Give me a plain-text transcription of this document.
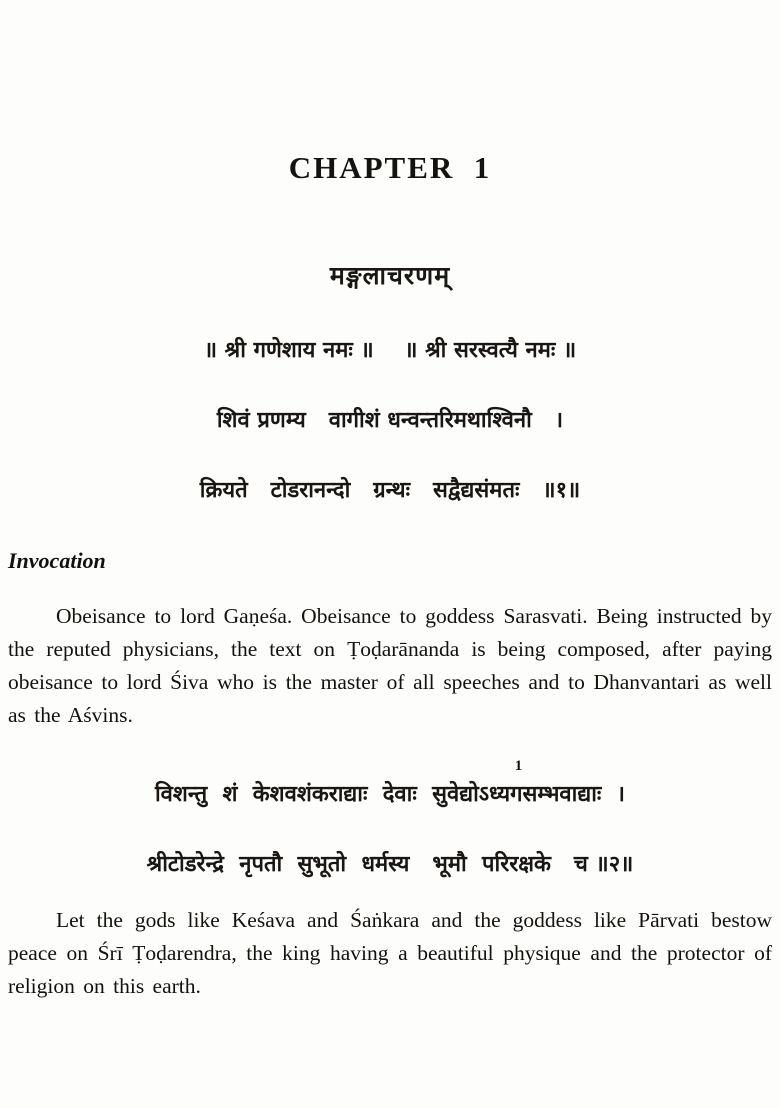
CHAPTER  1
मङ्गलाचरणम्
॥ श्री गणेशाय नमः ॥    ॥ श्री सरस्वत्यै नमः ॥
शिवं प्रणम्य   वागीशं धन्वन्तरिमथाश्विनौ   ।
क्रियते   टोडरानन्दो   ग्रन्थः   सद्वैद्यसंमतः   ॥१॥
Invocation

Obeisance to lord Gaṇeśa. Obeisance to goddess Sarasvati. Being instructed by the reputed physicians, the text on Ṭoḍarānanda is being composed, after paying obeisance to lord Śiva who is the master of all speeches and to Dhanvantari as well as the Aśvins.

1
विशन्तु  शं  केशवशंकराद्याः  देवाः  सुवेद्योऽध्यगसम्भवाद्याः  ।
श्रीटोडरेन्द्रे  नृपतौ  सुभूतो  धर्मस्य   भूमौ  परिरक्षके   च ॥२॥

Let the gods like Keśava and Śaṅkara and the goddess like Pārvati bestow peace on Śrī Ṭoḍarendra, the king having a beautiful physique and the protector of religion on this earth.
